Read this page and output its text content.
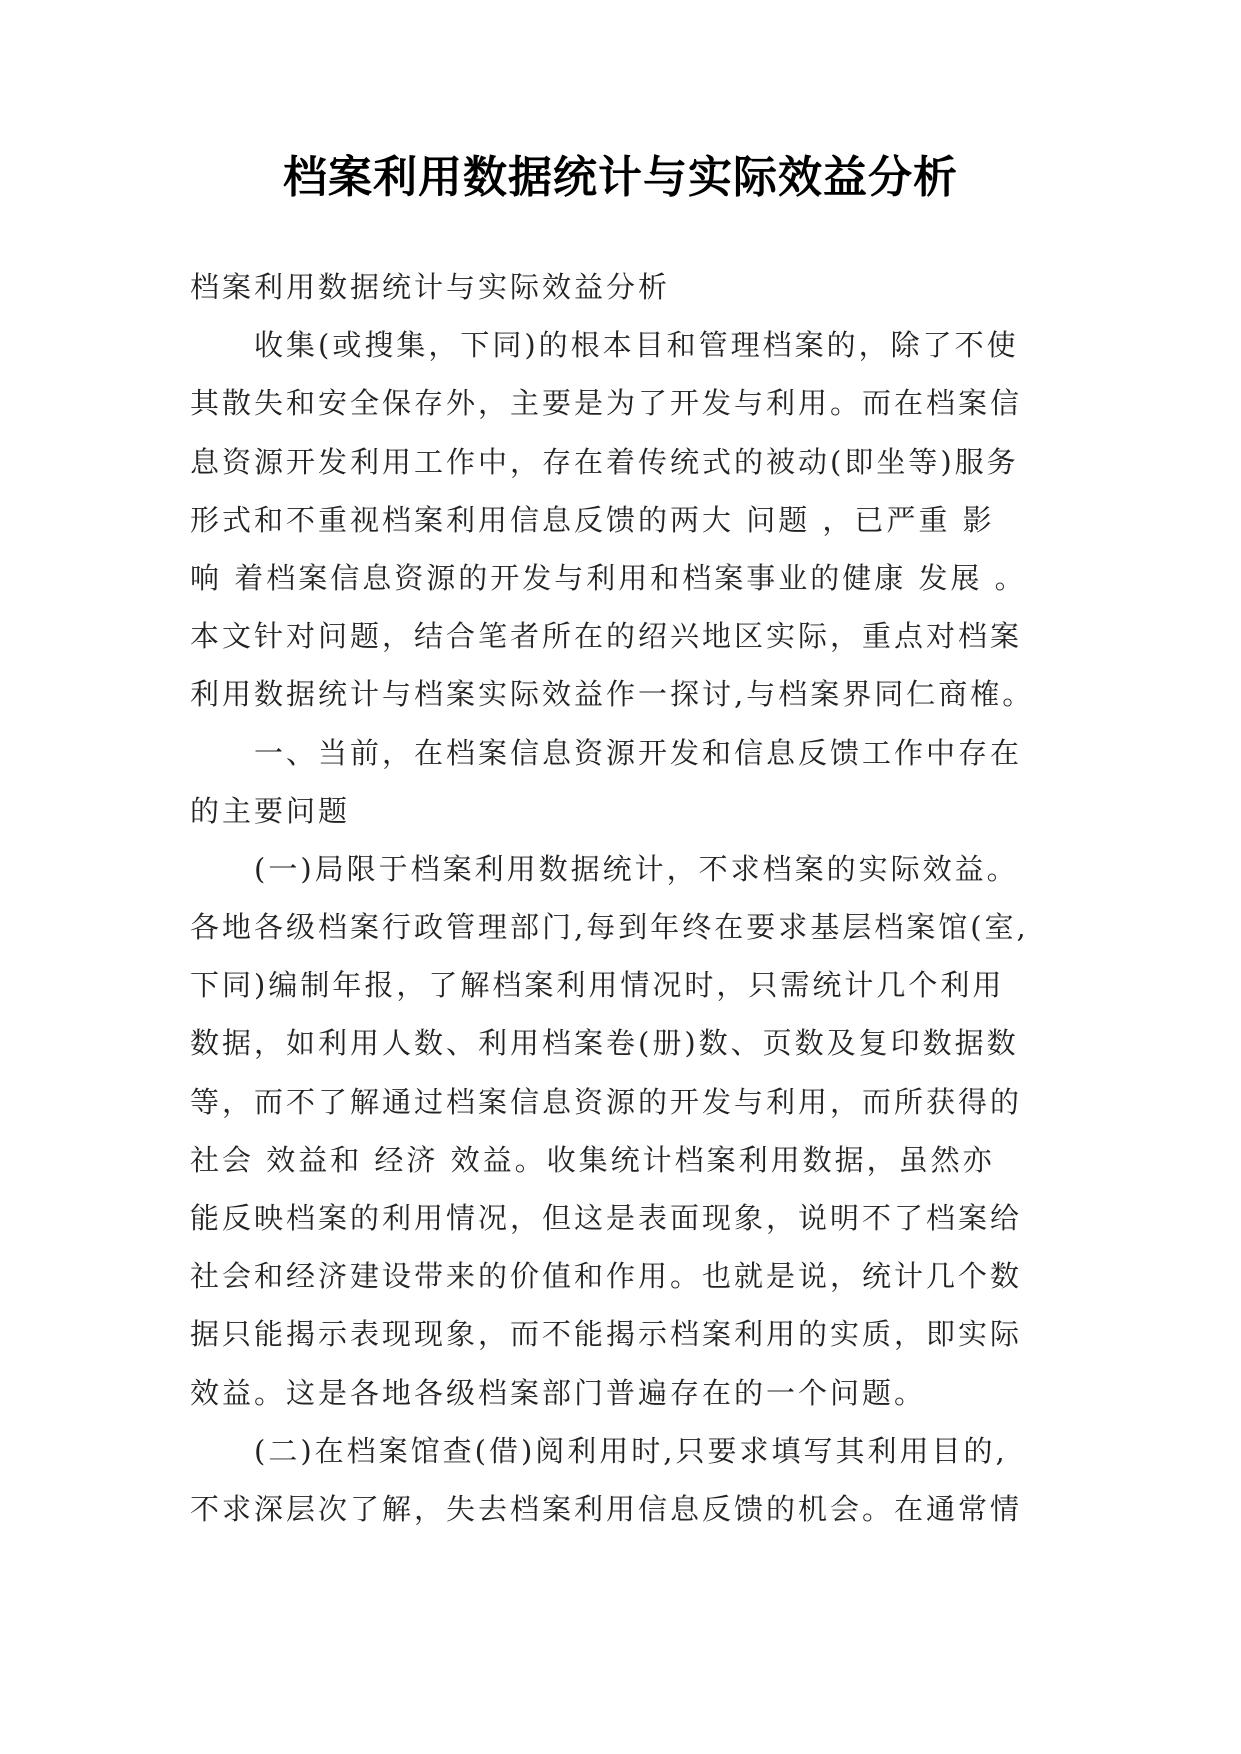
档案利用数据统计与实际效益分析
档案利用数据统计与实际效益分析
收集(或搜集，下同)的根本目和管理档案的，除了不使
其散失和安全保存外，主要是为了开发与利用。而在档案信
息资源开发利用工作中，存在着传统式的被动(即坐等)服务
形式和不重视档案利用信息反馈的两大 问题 ，已严重 影
响 着档案信息资源的开发与利用和档案事业的健康 发展 。
本文针对问题，结合笔者所在的绍兴地区实际，重点对档案
利用数据统计与档案实际效益作一探讨,与档案界同仁商榷。
一、当前，在档案信息资源开发和信息反馈工作中存在
的主要问题
(一)局限于档案利用数据统计，不求档案的实际效益。
各地各级档案行政管理部门,每到年终在要求基层档案馆(室,
下同)编制年报，了解档案利用情况时，只需统计几个利用
数据，如利用人数、利用档案卷(册)数、页数及复印数据数
等，而不了解通过档案信息资源的开发与利用，而所获得的
社会 效益和 经济 效益。收集统计档案利用数据，虽然亦
能反映档案的利用情况，但这是表面现象，说明不了档案给
社会和经济建设带来的价值和作用。也就是说，统计几个数
据只能揭示表现现象，而不能揭示档案利用的实质，即实际
效益。这是各地各级档案部门普遍存在的一个问题。
(二)在档案馆查(借)阅利用时,只要求填写其利用目的,
不求深层次了解，失去档案利用信息反馈的机会。在通常情
